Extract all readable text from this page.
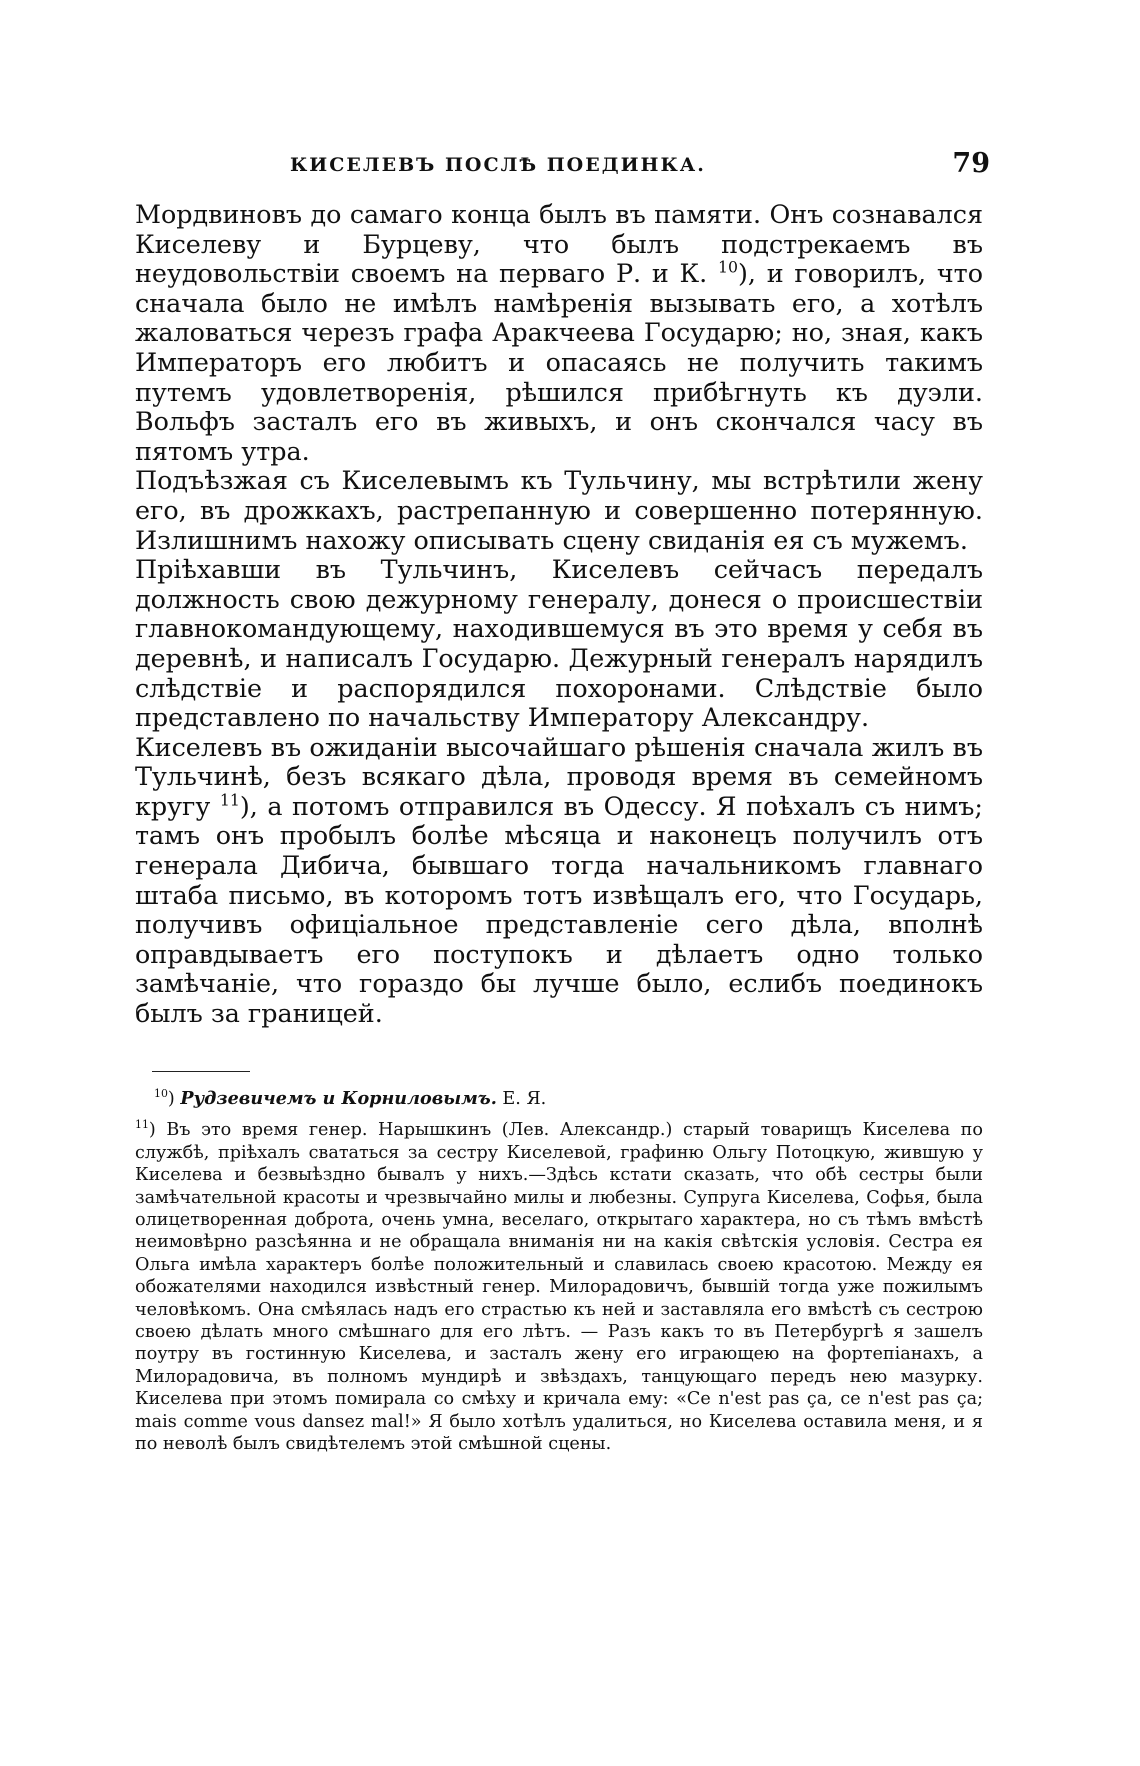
КИСЕЛЕВЪ ПОСЛѢ ПОЕДИНКА.	79

Мордвиновъ до самаго конца былъ въ памяти. Онъ сознавался Киселеву и Бурцеву, что былъ подстрекаемъ въ неудовольствіи своемъ на перваго Р. и К. $^{10}$), и говорилъ, что сначала было не имѣлъ намѣренія вызывать его, а хотѣлъ жаловаться черезъ графа Аракчеева Государю; но, зная, какъ Императоръ его любитъ и опасаясь не получить такимъ путемъ удовлетворенія, рѣшился прибѣгнуть къ дуэли. Вольфъ засталъ его въ живыхъ, и онъ скончался часу въ пятомъ утра.

Подъѣзжая съ Киселевымъ къ Тульчину, мы встрѣтили жену его, въ дрожкахъ, растрепанную и совершенно потерянную. Излишнимъ нахожу описывать сцену свиданія ея съ мужемъ.

Пріѣхавши въ Тульчинъ, Киселевъ сейчасъ передалъ должность свою дежурному генералу, донеся о происшествіи главнокомандующему, находившемуся въ это время у себя въ деревнѣ, и написалъ Государю. Дежурный генералъ нарядилъ слѣдствіе и распорядился похоронами. Слѣдствіе было представлено по начальству Императору Александру.

Киселевъ въ ожиданіи высочайшаго рѣшенія сначала жилъ въ Тульчинѣ, безъ всякаго дѣла, проводя время въ семейномъ кругу $^{11}$), а потомъ отправился въ Одессу. Я поѣхалъ съ нимъ; тамъ онъ пробылъ болѣе мѣсяца и наконецъ получилъ отъ генерала Дибича, бывшаго тогда начальникомъ главнаго штаба письмо, въ которомъ тотъ извѣщалъ его, что Государь, получивъ офиціальное представленіе сего дѣла, вполнѣ оправдываетъ его поступокъ и дѣлаетъ одно только замѣчаніе, что гораздо бы лучше было, еслибъ поединокъ былъ за границей.

$^{10}$) Рудзевичемъ и Корниловымъ. Е. Я.

$^{11}$) Въ это время генер. Нарышкинъ (Лев. Александр.) старый товарищъ Киселева по службѣ, пріѣхалъ свататься за сестру Киселевой, графиню Ольгу Потоцкую, жившую у Киселева и безвыѣздно бывалъ у нихъ.—Здѣсь кстати сказать, что обѣ сестры были замѣчательной красоты и чрезвычайно милы и любезны. Супруга Киселева, Софья, была олицетворенная доброта, очень умна, веселаго, открытаго характера, но съ тѣмъ вмѣстѣ неимовѣрно разсѣянна и не обращала вниманія ни на какія свѣтскія условія. Сестра ея Ольга имѣла характеръ болѣе положительный и славилась своею красотою. Между ея обожателями находился извѣстный генер. Милорадовичъ, бывшій тогда уже пожилымъ человѣкомъ. Она смѣялась надъ его страстью къ ней и заставляла его вмѣстѣ съ сестрою своею дѣлать много смѣшнаго для его лѣтъ. — Разъ какъ то въ Петербургѣ я зашелъ поутру въ гостинную Киселева, и засталъ жену его играющею на фортепіанахъ, а Милорадовича, въ полномъ мундирѣ и звѣздахъ, танцующаго передъ нею мазурку. Киселева при этомъ помирала со смѣху и кричала ему: «Ce n'est pas ça, ce n'est pas ça; mais comme vous dansez mal!» Я было хотѣлъ удалиться, но Киселева оставила меня, и я по неволѣ былъ свидѣтелемъ этой смѣшной сцены.
